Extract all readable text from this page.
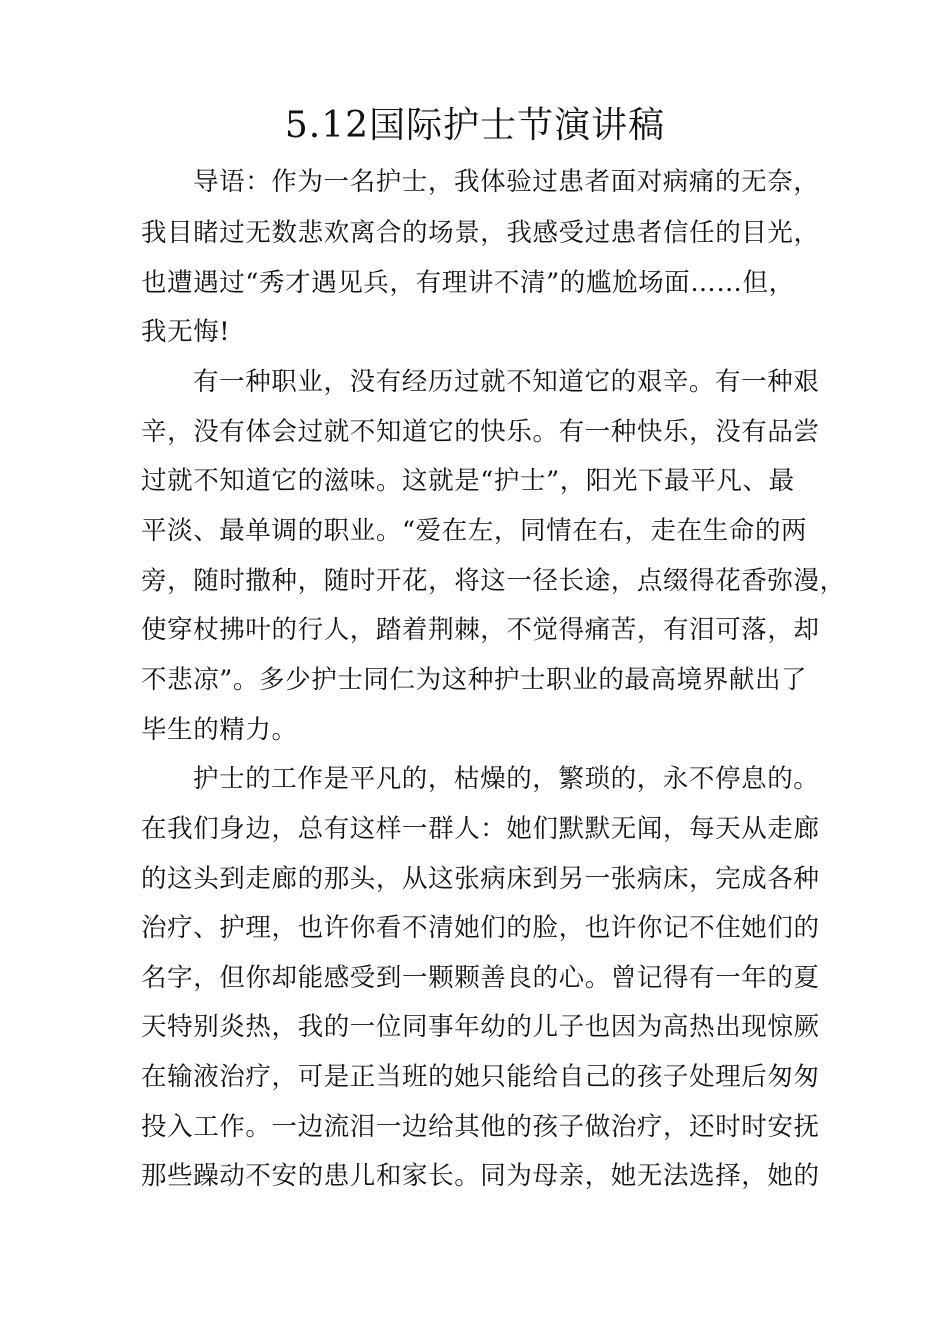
5.12国际护士节演讲稿
导语：作为一名护士，我体验过患者面对病痛的无奈，
我目睹过无数悲欢离合的场景，我感受过患者信任的目光，
也遭遇过“秀才遇见兵，有理讲不清”的尴尬场面……但，
我无悔!
有一种职业，没有经历过就不知道它的艰辛。有一种艰
辛，没有体会过就不知道它的快乐。有一种快乐，没有品尝
过就不知道它的滋味。这就是“护士”，阳光下最平凡、最
平淡、最单调的职业。“爱在左，同情在右，走在生命的两
旁，随时撒种，随时开花，将这一径长途，点缀得花香弥漫，
使穿杖拂叶的行人，踏着荆棘，不觉得痛苦，有泪可落，却
不悲凉”。多少护士同仁为这种护士职业的最高境界献出了
毕生的精力。
护士的工作是平凡的，枯燥的，繁琐的，永不停息的。
在我们身边，总有这样一群人：她们默默无闻，每天从走廊
的这头到走廊的那头，从这张病床到另一张病床，完成各种
治疗、护理，也许你看不清她们的脸，也许你记不住她们的
名字，但你却能感受到一颗颗善良的心。曾记得有一年的夏
天特别炎热，我的一位同事年幼的儿子也因为高热出现惊厥
在输液治疗，可是正当班的她只能给自己的孩子处理后匆匆
投入工作。一边流泪一边给其他的孩子做治疗，还时时安抚
那些躁动不安的患儿和家长。同为母亲，她无法选择，她的
